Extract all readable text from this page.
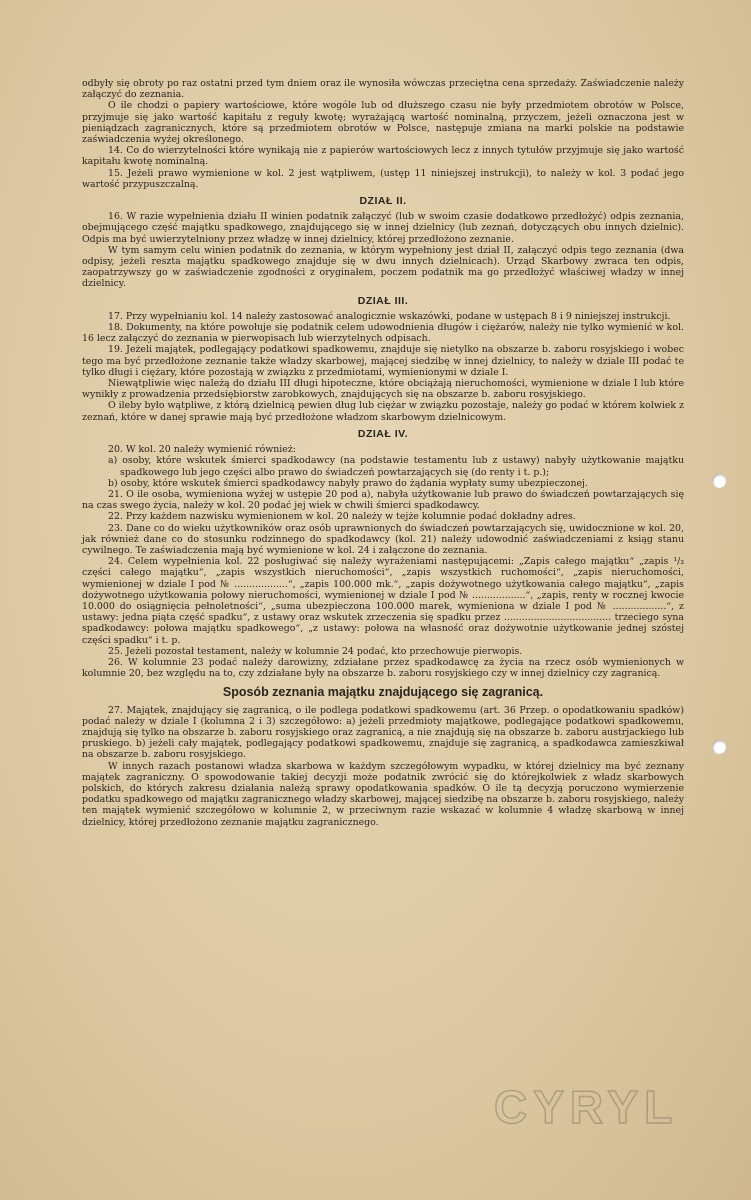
odbyły się obroty po raz ostatni przed tym dniem oraz ile wynosiła wówczas przeciętna cena sprzedaży. Zaświadczenie należy załączyć do zeznania.

O ile chodzi o papiery wartościowe, które wogóle lub od dłuższego czasu nie były przedmiotem obrotów w Polsce, przyjmuje się jako wartość kapitału z reguły kwotę; wyrażającą wartość nominalną, przyczem, jeżeli oznaczona jest w pieniądzach zagranicznych, które są przedmiotem obrotów w Polsce, następuje zmiana na marki polskie na podstawie zaświadczenia wyżej określonego.

14. Co do wierzytelności które wynikają nie z papierów wartościowych lecz z innych tytułów przyjmuje się jako wartość kapitału kwotę nominalną.

15. Jeżeli prawo wymienione w kol. 2 jest wątpliwem, (ustęp 11 niniejszej instrukcji), to należy w kol. 3 podać jego wartość przypuszczalną.

DZIAŁ II.

16. W razie wypełnienia działu II winien podatnik załączyć (lub w swoim czasie dodatkowo przedłożyć) odpis zeznania, obejmującego część majątku spadkowego, znajdującego się w innej dzielnicy (lub zeznań, dotyczących obu innych dzielnic). Odpis ma być uwierzytelniony przez władzę w innej dzielnicy, której przedłożono zeznanie.

W tym samym celu winien podatnik do zeznania, w którym wypełniony jest dział II, załączyć odpis tego zeznania (dwa odpisy, jeżeli reszta majątku spadkowego znajduje się w dwu innych dzielnicach). Urząd Skarbowy zwraca ten odpis, zaopatrzywszy go w zaświadczenie zgodności z oryginałem, poczem podatnik ma go przedłożyć właściwej władzy w innej dzielnicy.

DZIAŁ III.

17. Przy wypełnianiu kol. 14 należy zastosować analogicznie wskazówki, podane w ustępach 8 i 9 niniejszej instrukcji.

18. Dokumenty, na które powołuje się podatnik celem udowodnienia długów i ciężarów, należy nie tylko wymienić w kol. 16 lecz załączyć do zeznania w pierwopisach lub wierzytelnych odpisach.

19. Jeżeli majątek, podlegający podatkowi spadkowemu, znajduje się nietylko na obszarze b. zaboru rosyjskiego i wobec tego ma być przedłożone zeznanie także władzy skarbowej, mającej siedzibę w innej dzielnicy, to należy w dziale III podać te tylko długi i ciężary, które pozostają w związku z przedmiotami, wymienionymi w dziale I.

Niewątpliwie więc należą do działu III długi hipoteczne, które obciążają nieruchomości, wymienione w dziale I lub które wynikły z prowadzenia przedsiębiorstw zarobkowych, znajdujących się na obszarze b. zaboru rosyjskiego.

O ileby było wątpliwe, z którą dzielnicą pewien dług lub ciężar w związku pozostaje, należy go podać w którem kolwiek z zeznań, które w danej sprawie mają być przedłożone władzom skarbowym dzielnicowym.

DZIAŁ IV.

20. W kol. 20 należy wymienić również:

a) osoby, które wskutek śmierci spadkodawcy (na podstawie testamentu lub z ustawy) nabyły użytkowanie majątku spadkowego lub jego części albo prawo do świadczeń powtarzających się (do renty i t. p.);

b) osoby, które wskutek śmierci spadkodawcy nabyły prawo do żądania wypłaty sumy ubezpieczonej.

21. O ile osoba, wymieniona wyżej w ustępie 20 pod a), nabyła użytkowanie lub prawo do świadczeń powtarzających się na czas swego życia, należy w kol. 20 podać jej wiek w chwili śmierci spadkodawcy.

22. Przy każdem nazwisku wymienionem w kol. 20 należy w tejże kolumnie podać dokładny adres.

23. Dane co do wieku użytkowników oraz osób uprawnionych do świadczeń powtarzających się, uwidocznione w kol. 20, jak również dane co do stosunku rodzinnego do spadkodawcy (kol. 21) należy udowodnić zaświadczeniami z ksiąg stanu cywilnego. Te zaświadczenia mają być wymienione w kol. 24 i załączone do zeznania.

24. Celem wypełnienia kol. 22 posługiwać się należy wyrażeniami następującemi: „Zapis całego majątku“ „zapis ¹/₃ części całego majątku“, „zapis wszystkich nieruchomości“, „zapis wszystkich ruchomości“, „zapis nieruchomości, wymienionej w dziale I pod № ..................“, „zapis 100.000 mk.“, „zapis dożywotnego użytkowania całego majątku“, „zapis dożywotnego użytkowania połowy nieruchomości, wymienionej w dziale I pod № ..................“, „zapis, renty w rocznej kwocie 10.000 do osiągnięcia pełnoletności“, „suma ubezpieczona 100.000 marek, wymieniona w dziale I pod № ..................“, z ustawy: jedna piąta część spadku“, z ustawy oraz wskutek zrzeczenia się spadku przez .................................... trzeciego syna spadkodawcy: połowa majątku spadkowego“, „z ustawy: połowa na własność oraz dożywotnie użytkowanie jednej szóstej części spadku“ i t. p.

25. Jeżeli pozostał testament, należy w kolumnie 24 podać, kto przechowuje pierwopis.

26. W kolumnie 23 podać należy darowizny, zdziałane przez spadkodawcę za życia na rzecz osób wymienionych w kolumnie 20, bez względu na to, czy zdziałane były na obszarze b. zaboru rosyjskiego czy w innej dzielnicy czy zagranicą.

Sposób zeznania majątku znajdującego się zagranicą.

27. Majątek, znajdujący się zagranicą, o ile podlega podatkowi spadkowemu (art. 36 Przep. o opodatkowaniu spadków) podać należy w dziale I (kolumna 2 i 3) szczegółowo: a) jeżeli przedmioty majątkowe, podlegające podatkowi spadkowemu, znajdują się tylko na obszarze b. zaboru rosyjskiego oraz zagranicą, a nie znajdują się na obszarze b. zaboru austrjackiego lub pruskiego. b) jeżeli cały majątek, podlegający podatkowi spadkowemu, znajduje się zagranicą, a spadkodawca zamieszkiwał na obszarze b. zaboru rosyjskiego.

W innych razach postanowi władza skarbowa w każdym szczegółowym wypadku, w której dzielnicy ma być zeznany majątek zagraniczny. O spowodowanie takiej decyzji może podatnik zwrócić się do którejkolwiek z władz skarbowych polskich, do których zakresu działania należą sprawy opodatkowania spadków. O ile tą decyzją poruczono wymierzenie podatku spadkowego od majątku zagranicznego władzy skarbowej, mającej siedzibę na obszarze b. zaboru rosyjskiego, należy ten majątek wymienić szczegółowo w kolumnie 2, w przeciwnym razie wskazać w kolumnie 4 władzę skarbową w innej dzielnicy, której przedłożono zeznanie majątku zagranicznego.

CYRYL
